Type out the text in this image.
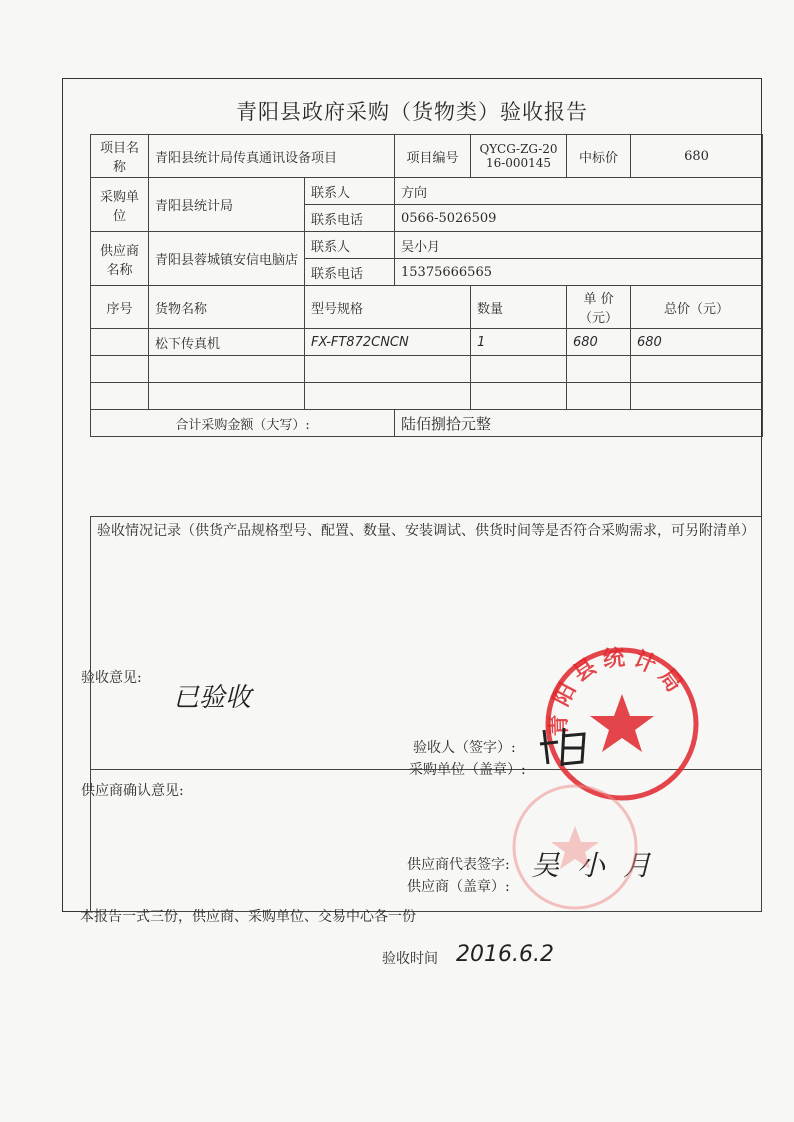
青阳县政府采购（货物类）验收报告
项目名称	青阳县统计局传真通讯设备项目		项目编号	QYCG-ZG-2016-000145	中标价	680
采购单位	青阳县统计局	联系人	方向			
		联系电话	0566-5026509			
供应商名称	青阳县蓉城镇安信电脑店	联系人	吴小月			
		联系电话	15375666565			
序号	货物名称	型号规格		数量	单 价（元）	总价（元）
	松下传真机	FX-FT872CNCN		1	680	680

合计采购金额（大写）:			陆佰捌拾元整			

验收情况记录（供货产品规格型号、配置、数量、安装调试、供货时间等是否符合采购需求，可另附清单）

验收意见:

已验收
验收人（签字）:
采购单位（盖章）:

供应商确认意见:

供应商代表签字: 吴小月
供应商（盖章）:
青阳县统计局
本报告一式三份，供应商、采购单位、交易中心各一份
验收时间 2016.6.2
